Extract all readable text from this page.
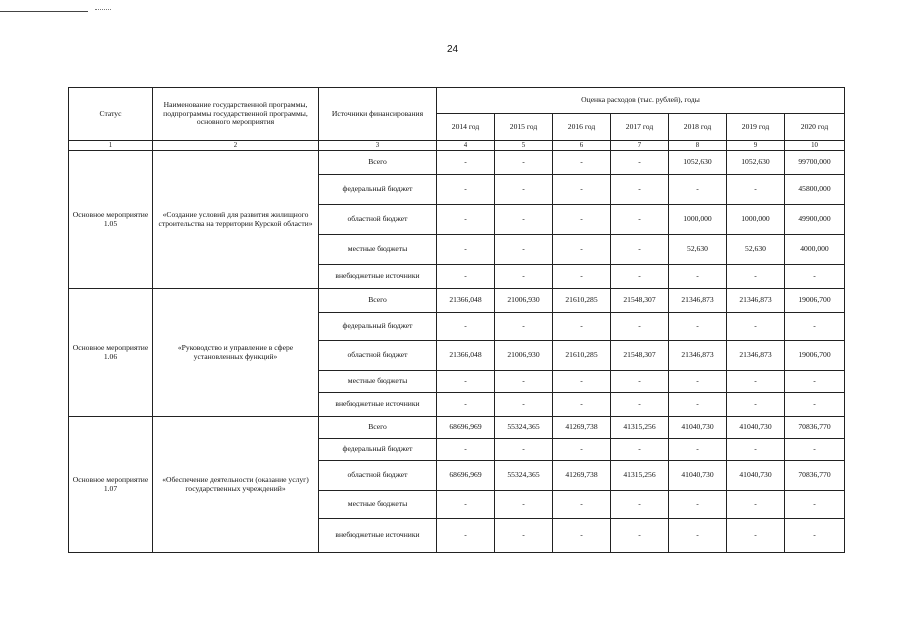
24
Статус	Наименование государственной программы, подпрограммы государственной программы, основного мероприятия	Источники финансирования	Оценка расходов (тыс. рублей), годы						
			2014 год	2015 год	2016 год	2017 год	2018 год	2019 год	2020 год
1	2	3	4	5	6	7	8	9	10
Основное мероприятие 1.05	«Создание условий для развития жилищного строительства на территории Курской области»	Всего	-	-	-	-	1052,630	1052,630	99700,000
		федеральный бюджет	-	-	-	-	-	-	45800,000
		областной бюджет	-	-	-	-	1000,000	1000,000	49900,000
		местные бюджеты	-	-	-	-	52,630	52,630	4000,000
		внебюджетные источники	-	-	-	-	-	-	-
Основное мероприятие 1.06	«Руководство и управление в сфере установленных функций»	Всего	21366,048	21006,930	21610,285	21548,307	21346,873	21346,873	19006,700
		федеральный бюджет	-	-	-	-	-	-	-
		областной бюджет	21366,048	21006,930	21610,285	21548,307	21346,873	21346,873	19006,700
		местные бюджеты	-	-	-	-	-	-	-
		внебюджетные источники	-	-	-	-	-	-	-
Основное мероприятие 1.07	«Обеспечение деятельности (оказание услуг) государственных учреждений»	Всего	68696,969	55324,365	41269,738	41315,256	41040,730	41040,730	70836,770
		федеральный бюджет	-	-	-	-	-	-	-
		областной бюджет	68696,969	55324,365	41269,738	41315,256	41040,730	41040,730	70836,770
		местные бюджеты	-	-	-	-	-	-	-
		внебюджетные источники	-	-	-	-	-	-	-
